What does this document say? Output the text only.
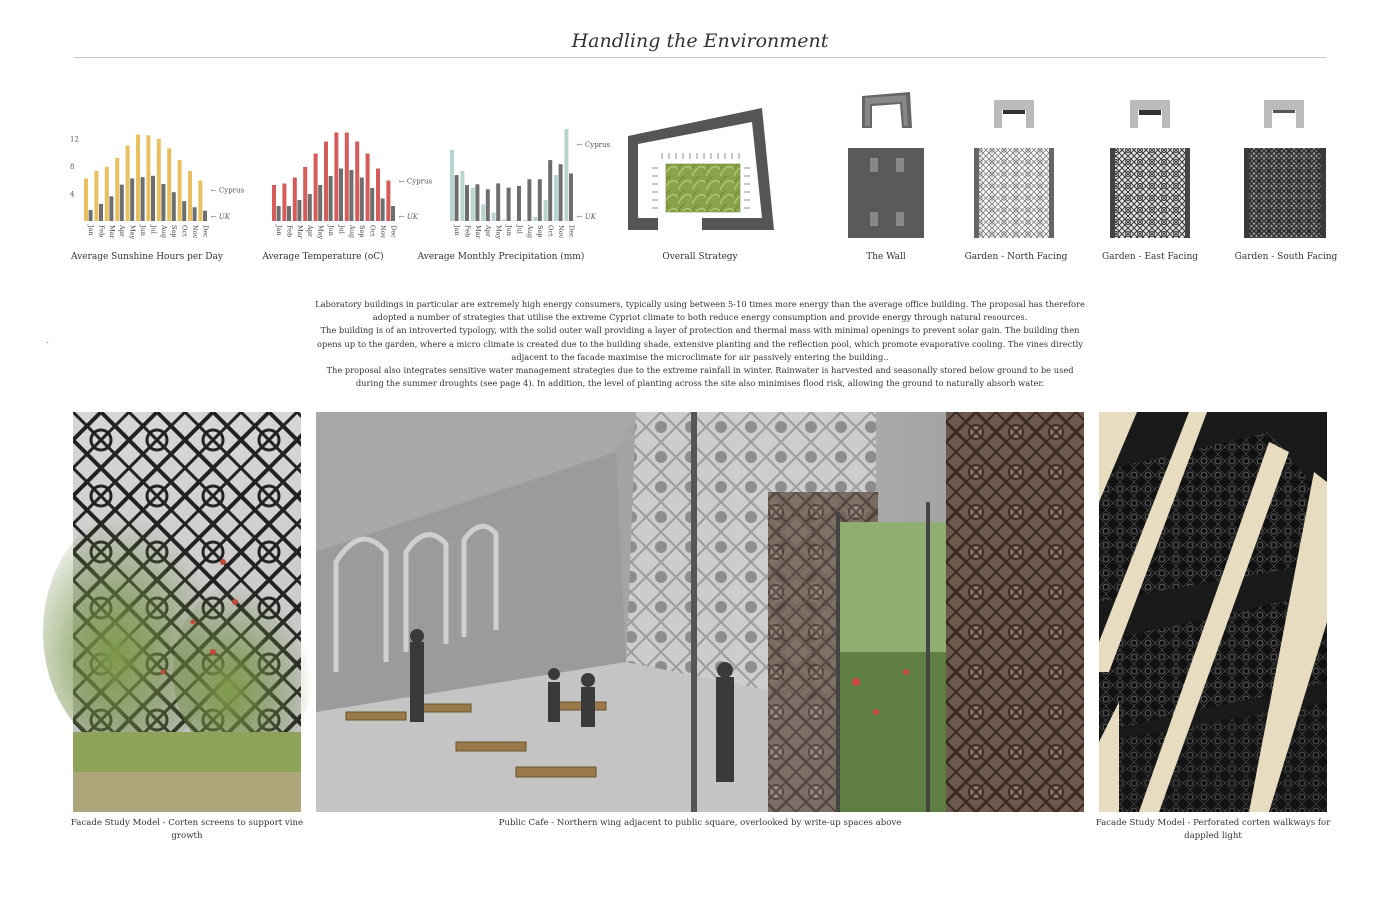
Handling the Environment
*
4
8
12
Jan Feb Mar Apr May Jun Jul Aug Sep Oct Nov Dec
← Cyprus
← UK
Jan Feb Mar Apr May Jun Jul Aug Sep Oct Nov Dec
← Cyprus
← UK
Jan Feb Mar Apr May Jun Jul Aug Sep Oct Nov Dec
← Cyprus
← UK
Average Sunshine Hours per Day	Average Temperature (oC)	Average Monthly Precipitation (mm)	Overall Strategy	The Wall	Garden - North Facing	Garden - East Facing	Garden - South Facing

Laboratory buildings in particular are extremely high energy consumers, typically using between 5-10 times more energy than the average office building. The proposal has therefore adopted a number of strategies that utilise the extreme Cypriot climate to both reduce energy consumption and provide energy through natural resources.

The building is of an introverted typology, with the solid outer wall providing a layer of protection and thermal mass with minimal openings to prevent solar gain. The building then opens up to the garden, where a micro climate is created due to the building shade, extensive planting and the reflection pool, which promote evaporative cooling. The vines directly adjacent to the facade maximise the microclimate for air passively entering the building..

The proposal also integrates sensitive water management strategies due to the extreme rainfall in winter. Rainwater is harvested and seasonally stored below ground to be used during the summer droughts (see page 4). In addition, the level of planting across the site also minimises flood risk, allowing the ground to naturally absorb water.

Facade Study Model - Corten screens to support vine growth
Public Cafe - Northern wing adjacent to public square, overlooked by write-up spaces above	Facade Study Model - Perforated corten walkways for dappled light
